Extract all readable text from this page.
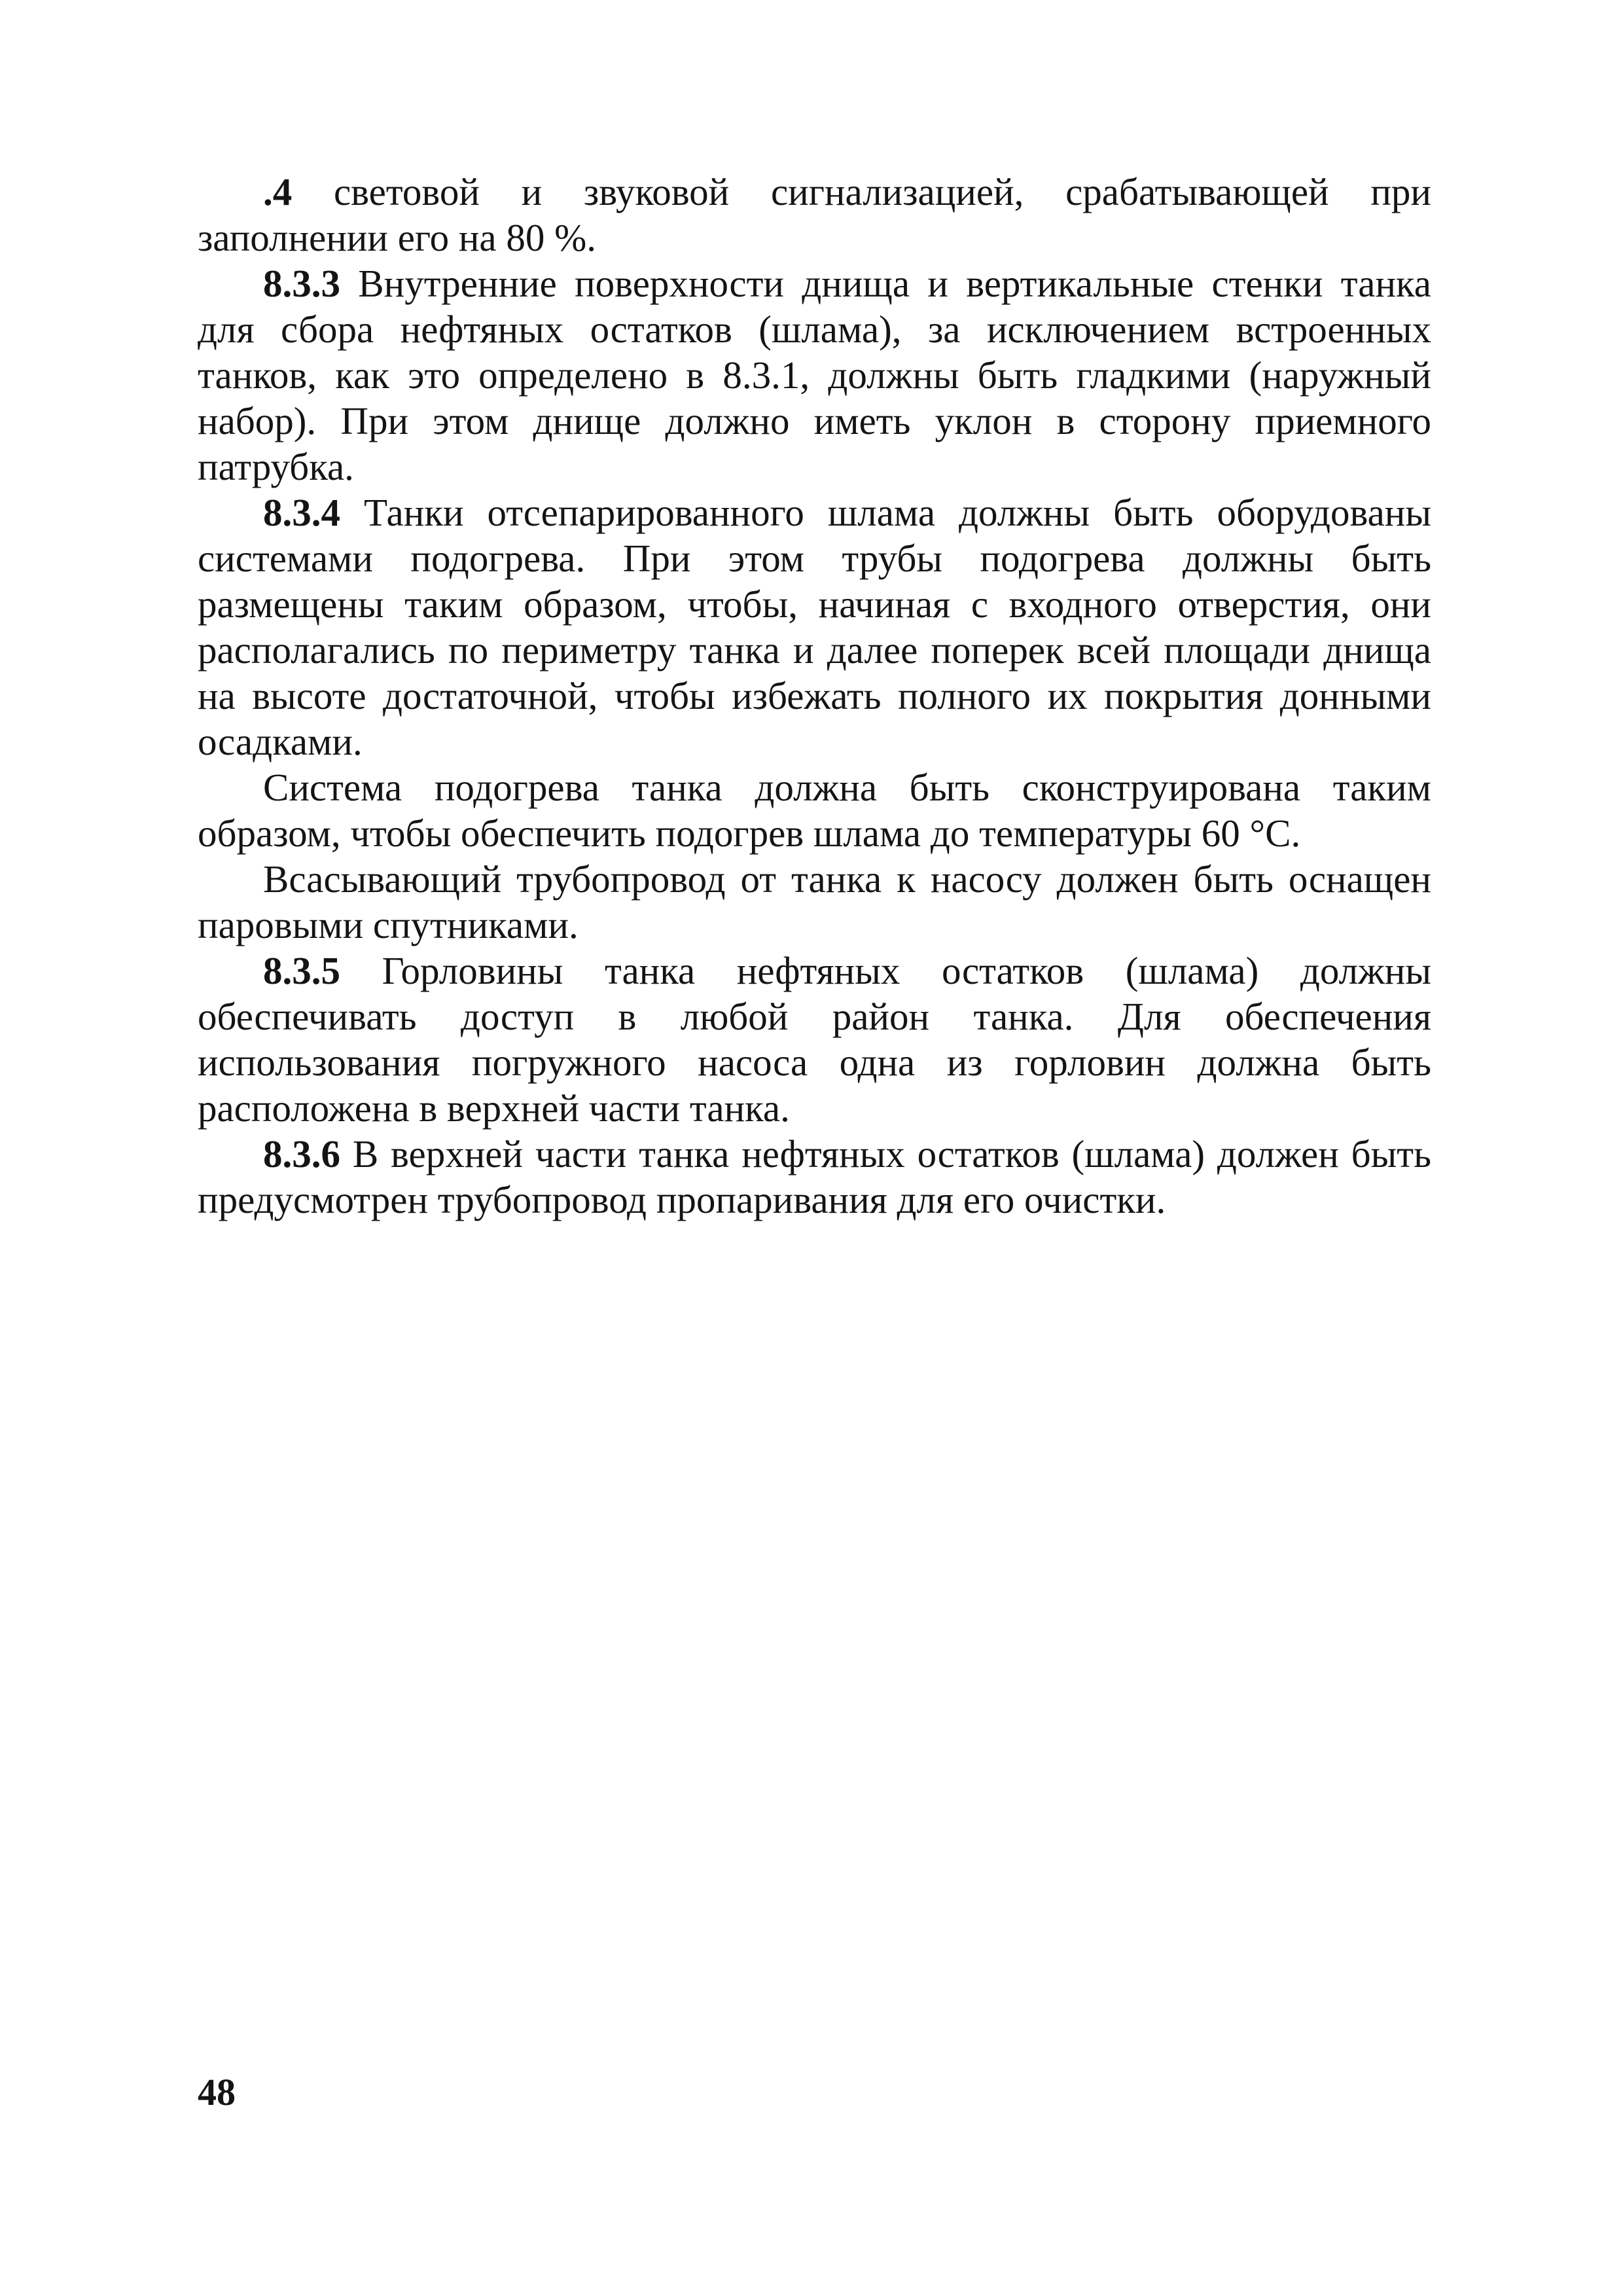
.4 световой и звуковой сигнализацией, срабатывающей при заполнении его на 80 %.

8.3.3 Внутренние поверхности днища и вертикальные стенки танка для сбора нефтяных остатков (шлама), за исключением встроенных танков, как это определено в 8.3.1, должны быть гладкими (наружный набор). При этом днище должно иметь уклон в сторону приемного патрубка.

8.3.4 Танки отсепарированного шлама должны быть оборудованы системами подогрева. При этом трубы подогрева должны быть размещены таким образом, чтобы, начиная с входного отверстия, они располагались по периметру танка и далее поперек всей площади днища на высоте достаточной, чтобы избежать полного их покрытия донными осадками.

Система подогрева танка должна быть сконструирована таким образом, чтобы обеспечить подогрев шлама до температуры 60 °С.

Всасывающий трубопровод от танка к насосу должен быть оснащен паровыми спутниками.

8.3.5 Горловины танка нефтяных остатков (шлама) должны обеспечивать доступ в любой район танка. Для обеспечения использования погружного насоса одна из горловин должна быть расположена в верхней части танка.

8.3.6 В верхней части танка нефтяных остатков (шлама) должен быть предусмотрен трубопровод пропаривания для его очистки.

48
